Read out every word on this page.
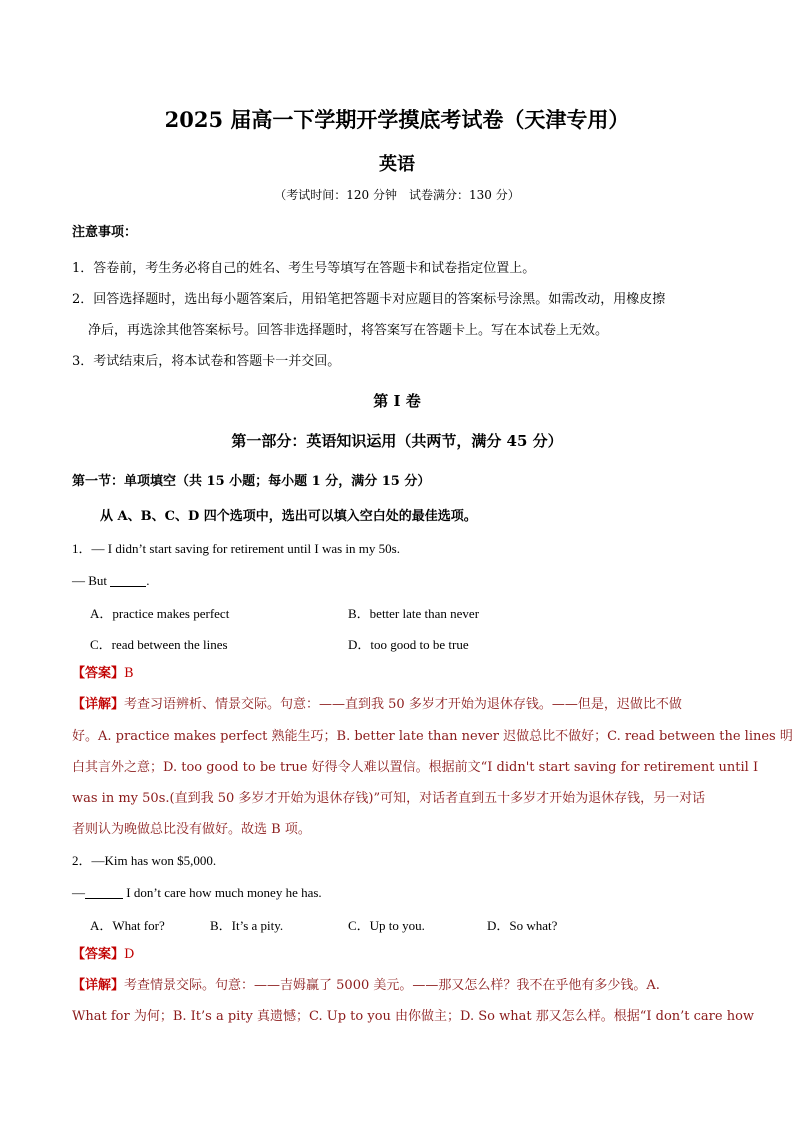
2025 届高一下学期开学摸底考试卷（天津专用）
英语
（考试时间：120 分钟　试卷满分：130 分）
注意事项：
1．答卷前，考生务必将自己的姓名、考生号等填写在答题卡和试卷指定位置上。
2．回答选择题时，选出每小题答案后，用铅笔把答题卡对应题目的答案标号涂黑。如需改动，用橡皮擦
净后，再选涂其他答案标号。回答非选择题时，将答案写在答题卡上。写在本试卷上无效。
3．考试结束后，将本试卷和答题卡一并交回。
第 I 卷
第一部分：英语知识运用（共两节，满分 45 分）
第一节：单项填空（共 15 小题；每小题 1 分，满分 15 分）
从 A、B、C、D 四个选项中，选出可以填入空白处的最佳选项。
1．— I didn’t start saving for retirement until I was in my 50s.
— But	.
A．practice makes perfect	B．better late than never
C．read between the lines	D．too good to be true
【答案】B
【详解】考查习语辨析、情景交际。句意：——直到我 50 多岁才开始为退休存钱。——但是，迟做比不做
好。A. practice makes perfect 熟能生巧；B. better late than never 迟做总比不做好；C. read between the lines 明
白其言外之意；D. too good to be true 好得令人难以置信。根据前文“I didn't start saving for retirement until I
was in my 50s.(直到我 50 多岁才开始为退休存钱)”可知，对话者直到五十多岁才开始为退休存钱，另一对话
者则认为晚做总比没有做好。故选 B 项。
2．—Kim has won $5,000.
—	I don’t care how much money he has.
A．What for?	B．It’s a pity.	C．Up to you.	D．So what?
【答案】D
【详解】考查情景交际。句意：——吉姆赢了 5000 美元。——那又怎么样？我不在乎他有多少钱。A.
What for 为何；B. It’s a pity 真遗憾；C. Up to you 由你做主；D. So what 那又怎么样。根据“I don’t care how
